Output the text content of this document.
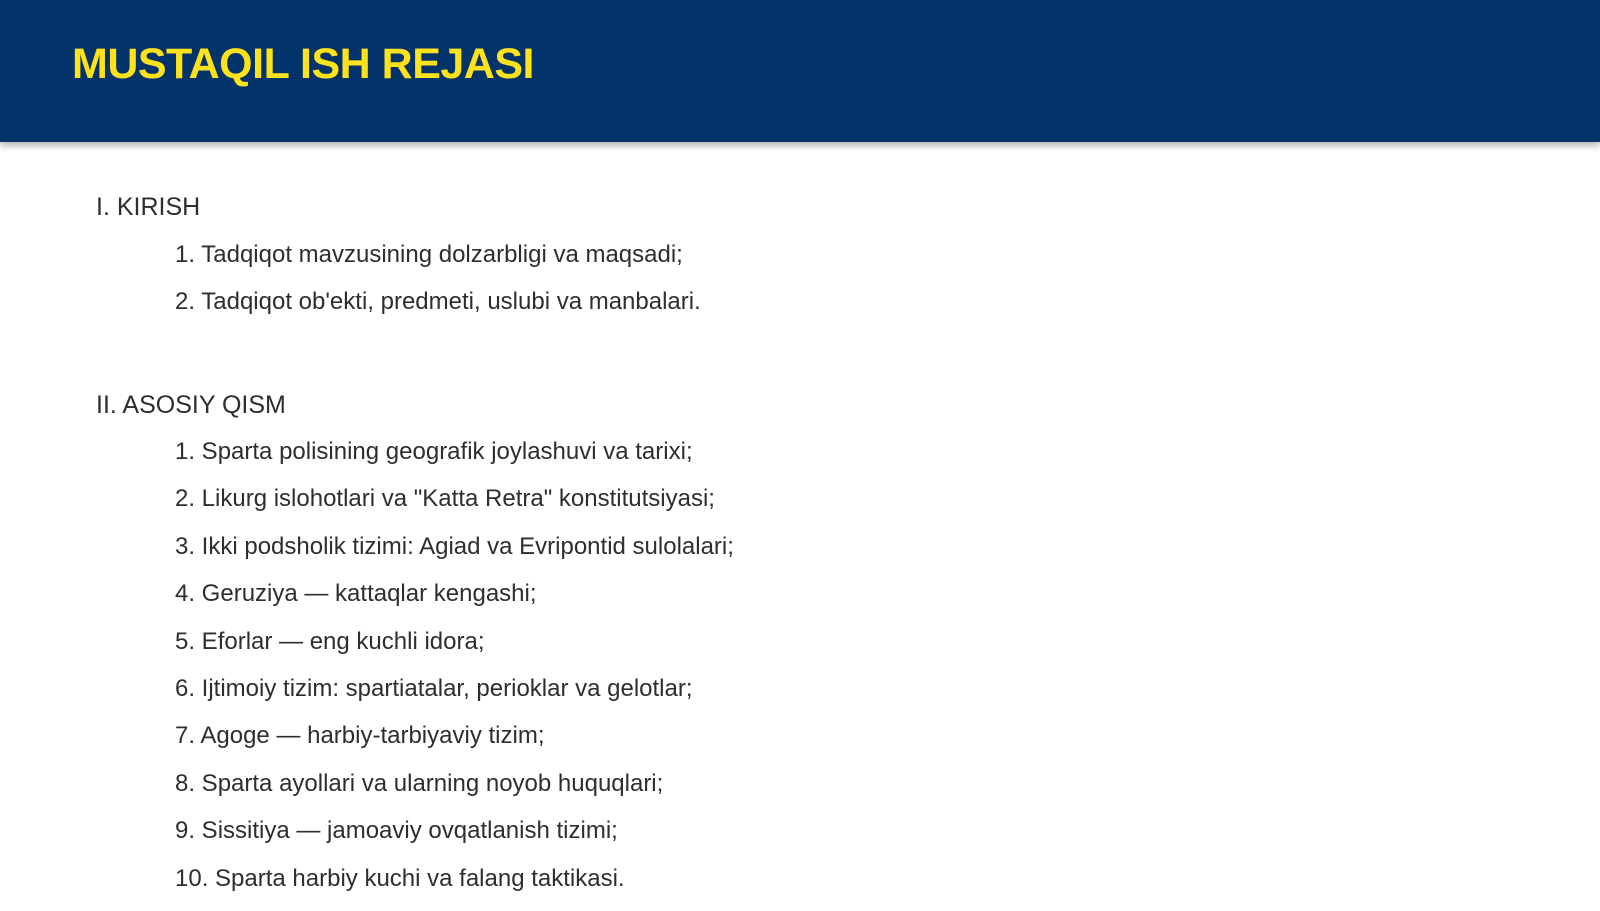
MUSTAQIL ISH REJASI
I. KIRISH
1. Tadqiqot mavzusining dolzarbligi va maqsadi;
2. Tadqiqot ob'ekti, predmeti, uslubi va manbalari.
II. ASOSIY QISM
1. Sparta polisining geografik joylashuvi va tarixi;
2. Likurg islohotlari va "Katta Retra" konstitutsiyasi;
3. Ikki podsholik tizimi: Agiad va Evripontid sulolalari;
4. Geruziya — kattaqlar kengashi;
5. Eforlar — eng kuchli idora;
6. Ijtimoiy tizim: spartiatalar, perioklar va gelotlar;
7. Agoge — harbiy-tarbiyaviy tizim;
8. Sparta ayollari va ularning noyob huquqlari;
9. Sissitiya — jamoaviy ovqatlanish tizimi;
10. Sparta harbiy kuchi va falang taktikasi.
